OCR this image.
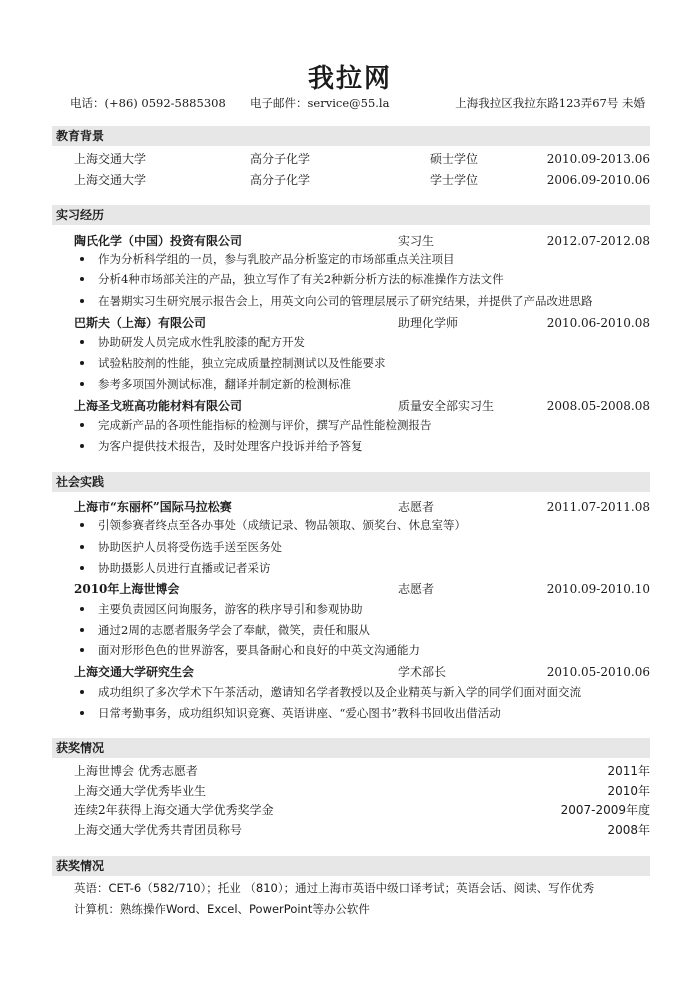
我拉网
电话：(+86) 0592-5885308 电子邮件：service@55.la	上海我拉区我拉东路123弄67号 未婚
教育背景
上海交通大学	高分子化学	硕士学位	2010.09-2013.06
上海交通大学	高分子化学	学士学位	2006.09-2010.06
实习经历
陶氏化学（中国）投资有限公司	实习生	2012.07-2012.08
作为分析科学组的一员，参与乳胶产品分析鉴定的市场部重点关注项目
分析4种市场部关注的产品，独立写作了有关2种新分析方法的标准操作方法文件
在暑期实习生研究展示报告会上，用英文向公司的管理层展示了研究结果，并提供了产品改进思路
巴斯夫（上海）有限公司	助理化学师	2010.06-2010.08
协助研发人员完成水性乳胶漆的配方开发
试验粘胶剂的性能，独立完成质量控制测试以及性能要求
参考多项国外测试标准，翻译并制定新的检测标准
上海圣戈班高功能材料有限公司	质量安全部实习生	2008.05-2008.08
完成新产品的各项性能指标的检测与评价，撰写产品性能检测报告
为客户提供技术报告，及时处理客户投诉并给予答复
社会实践
上海市“东丽杯”国际马拉松赛	志愿者	2011.07-2011.08
引领参赛者终点至各办事处（成绩记录、物品领取、颁奖台、休息室等）
协助医护人员将受伤选手送至医务处
协助摄影人员进行直播或记者采访
2010年上海世博会	志愿者	2010.09-2010.10
主要负责园区问询服务，游客的秩序导引和参观协助
通过2周的志愿者服务学会了奉献，微笑，责任和服从
面对形形色色的世界游客，要具备耐心和良好的中英文沟通能力
上海交通大学研究生会	学术部长	2010.05-2010.06
成功组织了多次学术下午茶活动，邀请知名学者教授以及企业精英与新入学的同学们面对面交流
日常考勤事务，成功组织知识竞赛、英语讲座、“爱心图书”教科书回收出借活动
获奖情况
上海世博会 优秀志愿者	2011年
上海交通大学优秀毕业生	2010年
连续2年获得上海交通大学优秀奖学金	2007-2009年度
上海交通大学优秀共青团员称号	2008年
获奖情况
英语：CET-6（582/710）；托业 （810）；通过上海市英语中级口译考试；英语会话、阅读、写作优秀
计算机：熟练操作Word、Excel、PowerPoint等办公软件
